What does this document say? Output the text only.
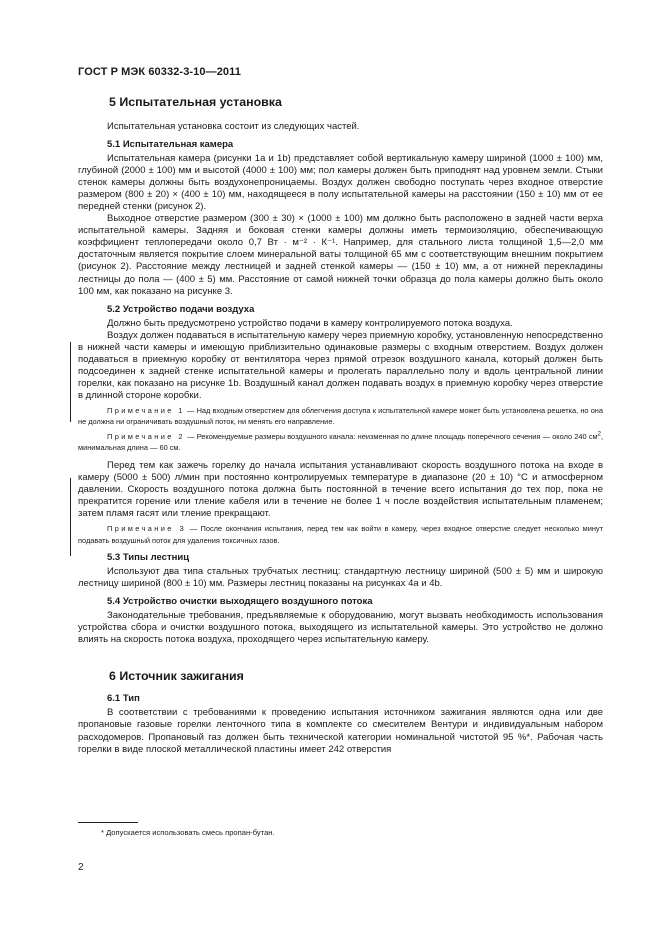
ГОСТ Р МЭК 60332-3-10—2011
5 Испытательная установка

Испытательная установка состоит из следующих частей.

5.1 Испытательная камера

Испытательная камера (рисунки 1a и 1b) представляет собой вертикальную камеру шириной (1000 ± 100) мм, глубиной (2000 ± 100) мм и высотой (4000 ± 100) мм; пол камеры должен быть приподнят над уровнем земли. Стыки стенок камеры должны быть воздухонепроницаемы. Воздух должен свободно поступать через входное отверстие размером (800 ± 20) × (400 ± 10) мм, находящееся в полу испытательной камеры на расстоянии (150 ± 10) мм от ее передней стенки (рисунок 2).

Выходное отверстие размером (300 ± 30) × (1000 ± 100) мм должно быть расположено в задней части верха испытательной камеры. Задняя и боковая стенки камеры должны иметь термоизоляцию, обеспечивающую коэффициент теплопередачи около 0,7 Вт · м⁻² · К⁻¹. Например, для стального листа толщиной 1,5—2,0 мм достаточным является покрытие слоем минеральной ваты толщиной 65 мм с соответствующим внешним покрытием (рисунок 2). Расстояние между лестницей и задней стенкой камеры — (150 ± 10) мм, а от нижней перекладины лестницы до пола — (400 ± 5) мм. Расстояние от самой нижней точки образца до пола камеры должно быть около 100 мм, как показано на рисунке 3.

5.2 Устройство подачи воздуха

Должно быть предусмотрено устройство подачи в камеру контролируемого потока воздуха.

Воздух должен подаваться в испытательную камеру через приемную коробку, установленную непосредственно в нижней части камеры и имеющую приблизительно одинаковые размеры с входным отверстием. Воздух должен подаваться в приемную коробку от вентилятора через прямой отрезок воздушного канала, который должен быть подсоединен к задней стенке испытательной камеры и пролегать параллельно полу и вдоль центральной линии горелки, как показано на рисунке 1b. Воздушный канал должен подавать воздух в приемную коробку через отверстие в длинной стороне коробки.

Примечание 1 — Над входным отверстием для облегчения доступа к испытательной камере может быть установлена решетка, но она не должна ни ограничивать воздушный поток, ни менять его направление.

Примечание 2 — Рекомендуемые размеры воздушного канала: неизменная по длине площадь поперечного сечения — около 240 $см^2$, минимальная длина — 60 см.

Перед тем как зажечь горелку до начала испытания устанавливают скорость воздушного потока на входе в камеру (5000 ± 500) л/мин при постоянно контролируемых температуре в диапазоне (20 ± 10) °C и атмосферном давлении. Скорость воздушного потока должна быть постоянной в течение всего испытания до тех пор, пока не прекратится горение или тление кабеля или в течение не более 1 ч после воздействия испытательным пламенем; затем пламя гасят или тление прекращают.

Примечание 3 — После окончания испытания, перед тем как войти в камеру, через входное отверстие следует несколько минут подавать воздушный поток для удаления токсичных газов.

5.3 Типы лестниц

Используют два типа стальных трубчатых лестниц: стандартную лестницу шириной (500 ± 5) мм и широкую лестницу шириной (800 ± 10) мм. Размеры лестниц показаны на рисунках 4a и 4b.

5.4 Устройство очистки выходящего воздушного потока

Законодательные требования, предъявляемые к оборудованию, могут вызвать необходимость использования устройства сбора и очистки воздушного потока, выходящего из испытательной камеры. Это устройство не должно влиять на скорость потока воздуха, проходящего через испытательную камеру.

6 Источник зажигания
6.1 Тип

В соответствии с требованиями к проведению испытания источником зажигания являются одна или две пропановые газовые горелки ленточного типа в комплекте со смесителем Вентури и индивидуальным набором расходомеров. Пропановый газ должен быть технической категории номинальной чистотой 95 %*. Рабочая часть горелки в виде плоской металлической пластины имеет 242 отверстия

* Допускается использовать смесь пропан-бутан.
2
